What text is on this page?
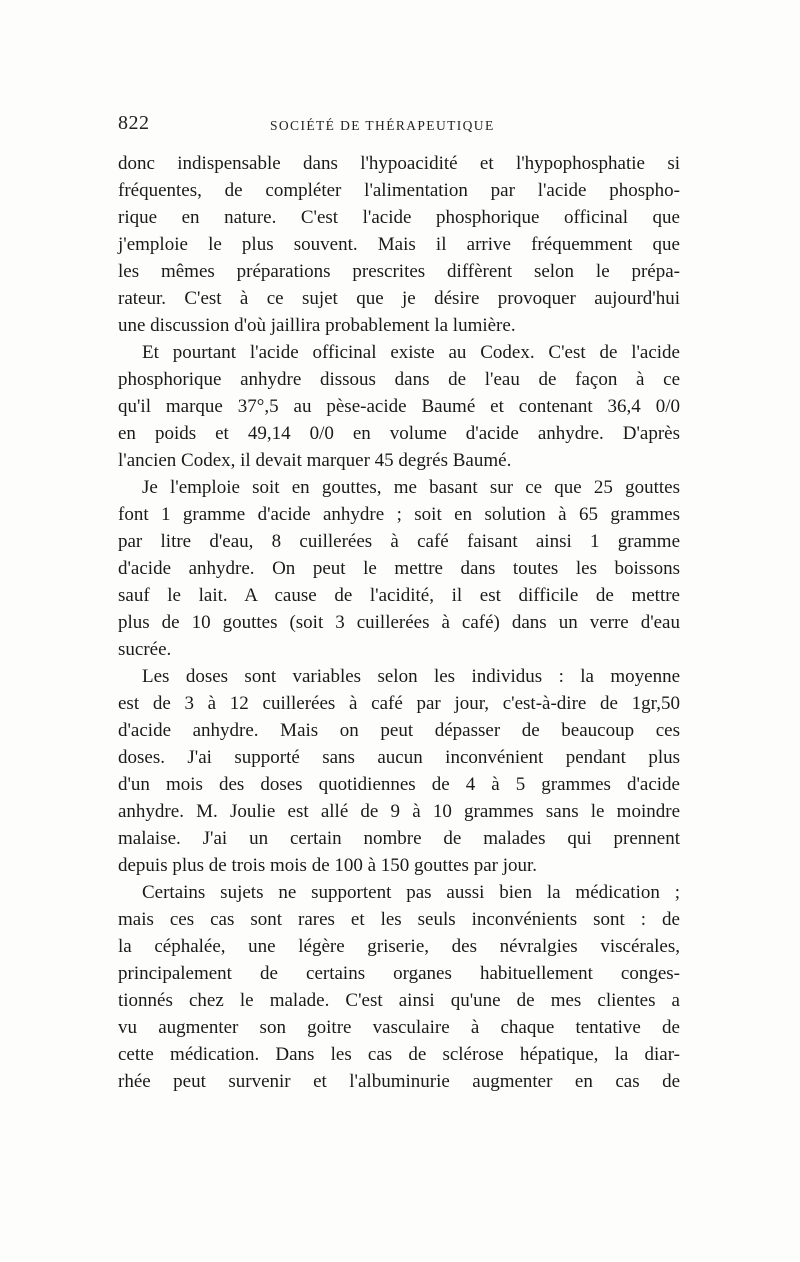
822	SOCIÉTÉ DE THÉRAPEUTIQUE
donc indispensable dans l'hypoacidité et l'hypophosphatie si
fréquentes, de compléter l'alimentation par l'acide phospho-
rique en nature. C'est l'acide phosphorique officinal que
j'emploie le plus souvent. Mais il arrive fréquemment que
les mêmes préparations prescrites diffèrent selon le prépa-
rateur. C'est à ce sujet que je désire provoquer aujourd'hui
une discussion d'où jaillira probablement la lumière.
Et pourtant l'acide officinal existe au Codex. C'est de l'acide
phosphorique anhydre dissous dans de l'eau de façon à ce
qu'il marque 37°,5 au pèse-acide Baumé et contenant 36,4 0/0
en poids et 49,14 0/0 en volume d'acide anhydre. D'après
l'ancien Codex, il devait marquer 45 degrés Baumé.
Je l'emploie soit en gouttes, me basant sur ce que 25 gouttes
font 1 gramme d'acide anhydre ; soit en solution à 65 grammes
par litre d'eau, 8 cuillerées à café faisant ainsi 1 gramme
d'acide anhydre. On peut le mettre dans toutes les boissons
sauf le lait. A cause de l'acidité, il est difficile de mettre
plus de 10 gouttes (soit 3 cuillerées à café) dans un verre d'eau
sucrée.
Les doses sont variables selon les individus : la moyenne
est de 3 à 12 cuillerées à café par jour, c'est-à-dire de 1gr,50
d'acide anhydre. Mais on peut dépasser de beaucoup ces
doses. J'ai supporté sans aucun inconvénient pendant plus
d'un mois des doses quotidiennes de 4 à 5 grammes d'acide
anhydre. M. Joulie est allé de 9 à 10 grammes sans le moindre
malaise. J'ai un certain nombre de malades qui prennent
depuis plus de trois mois de 100 à 150 gouttes par jour.
Certains sujets ne supportent pas aussi bien la médication ;
mais ces cas sont rares et les seuls inconvénients sont : de
la céphalée, une légère griserie, des névralgies viscérales,
principalement de certains organes habituellement conges-
tionnés chez le malade. C'est ainsi qu'une de mes clientes a
vu augmenter son goitre vasculaire à chaque tentative de
cette médication. Dans les cas de sclérose hépatique, la diar-
rhée peut survenir et l'albuminurie augmenter en cas de
